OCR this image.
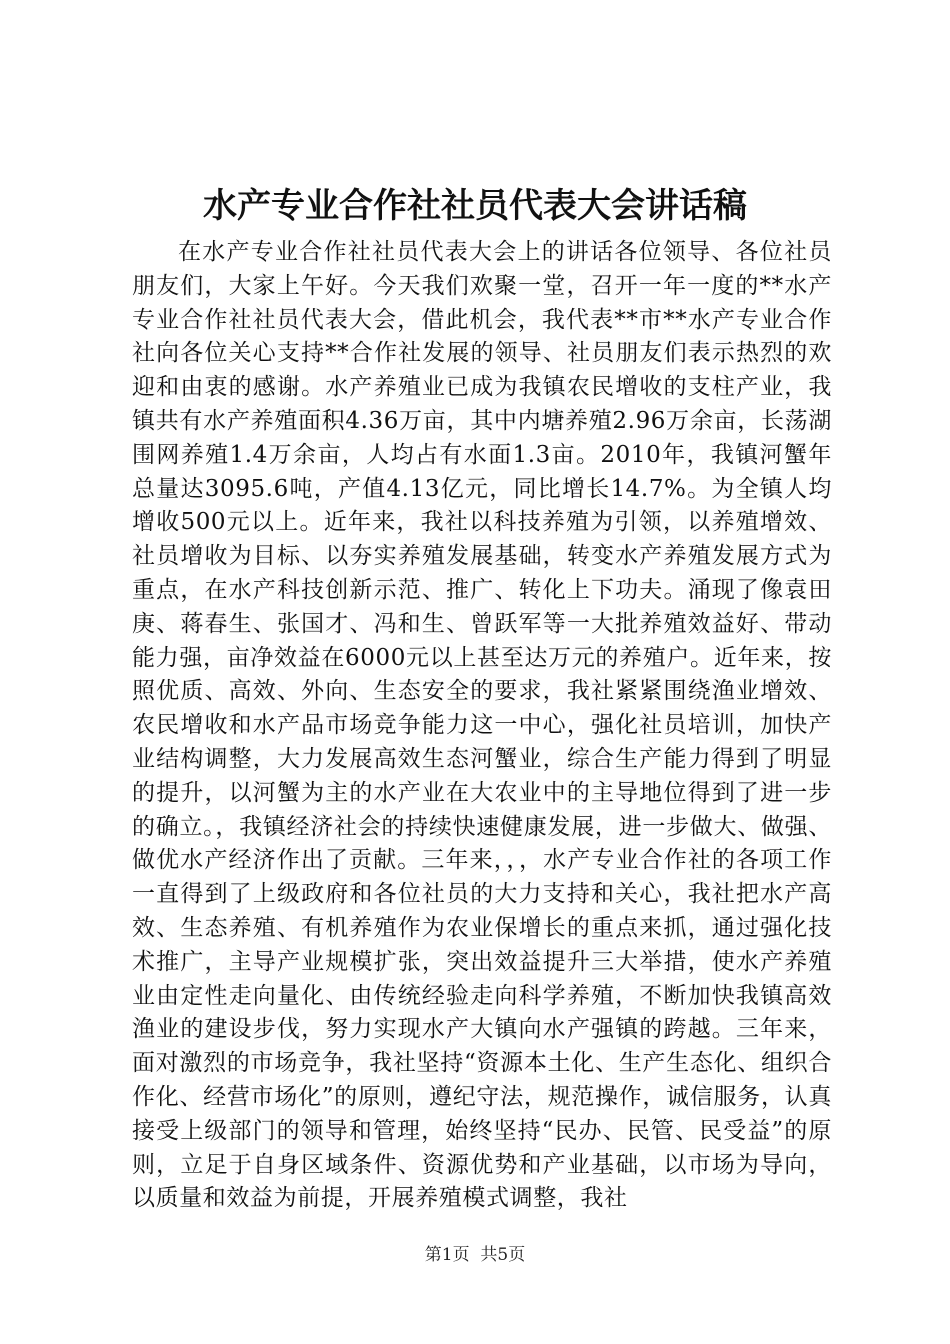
水产专业合作社社员代表大会讲话稿

在水产专业合作社社员代表大会上的讲话各位领导、各位社员朋友们，大家上午好。今天我们欢聚一堂，召开一年一度的**水产专业合作社社员代表大会，借此机会，我代表**市**水产专业合作社向各位关心支持**合作社发展的领导、社员朋友们表示热烈的欢迎和由衷的感谢。水产养殖业已成为我镇农民增收的支柱产业，我镇共有水产养殖面积4.36万亩，其中内塘养殖2.96万余亩，长荡湖围网养殖1.4万余亩，人均占有水面1.3亩。2010年，我镇河蟹年总量达3095.6吨，产值4.13亿元，同比增长14.7%。为全镇人均增收500元以上。近年来，我社以科技养殖为引领，以养殖增效、社员增收为目标、以夯实养殖发展基础，转变水产养殖发展方式为重点，在水产科技创新示范、推广、转化上下功夫。涌现了像袁田庚、蒋春生、张国才、冯和生、曾跃军等一大批养殖效益好、带动能力强，亩净效益在6000元以上甚至达万元的养殖户。近年来，按照优质、高效、外向、生态安全的要求，我社紧紧围绕渔业增效、农民增收和水产品市场竞争能力这一中心，强化社员培训，加快产业结构调整，大力发展高效生态河蟹业，综合生产能力得到了明显的提升，以河蟹为主的水产业在大农业中的主导地位得到了进一步的确立。，我镇经济社会的持续快速健康发展，进一步做大、做强、做优水产经济作出了贡献。三年来，，，水产专业合作社的各项工作一直得到了上级政府和各位社员的大力支持和关心，我社把水产高效、生态养殖、有机养殖作为农业保增长的重点来抓，通过强化技术推广，主导产业规模扩张，突出效益提升三大举措，使水产养殖业由定性走向量化、由传统经验走向科学养殖，不断加快我镇高效渔业的建设步伐，努力实现水产大镇向水产强镇的跨越。三年来，面对激烈的市场竞争，我社坚持“资源本土化、生产生态化、组织合作化、经营市场化”的原则，遵纪守法，规范操作，诚信服务，认真接受上级部门的领导和管理，始终坚持“民办、民管、民受益”的原则，立足于自身区域条件、资源优势和产业基础，以市场为导向，以质量和效益为前提，开展养殖模式调整，我社

第1页 共5页
